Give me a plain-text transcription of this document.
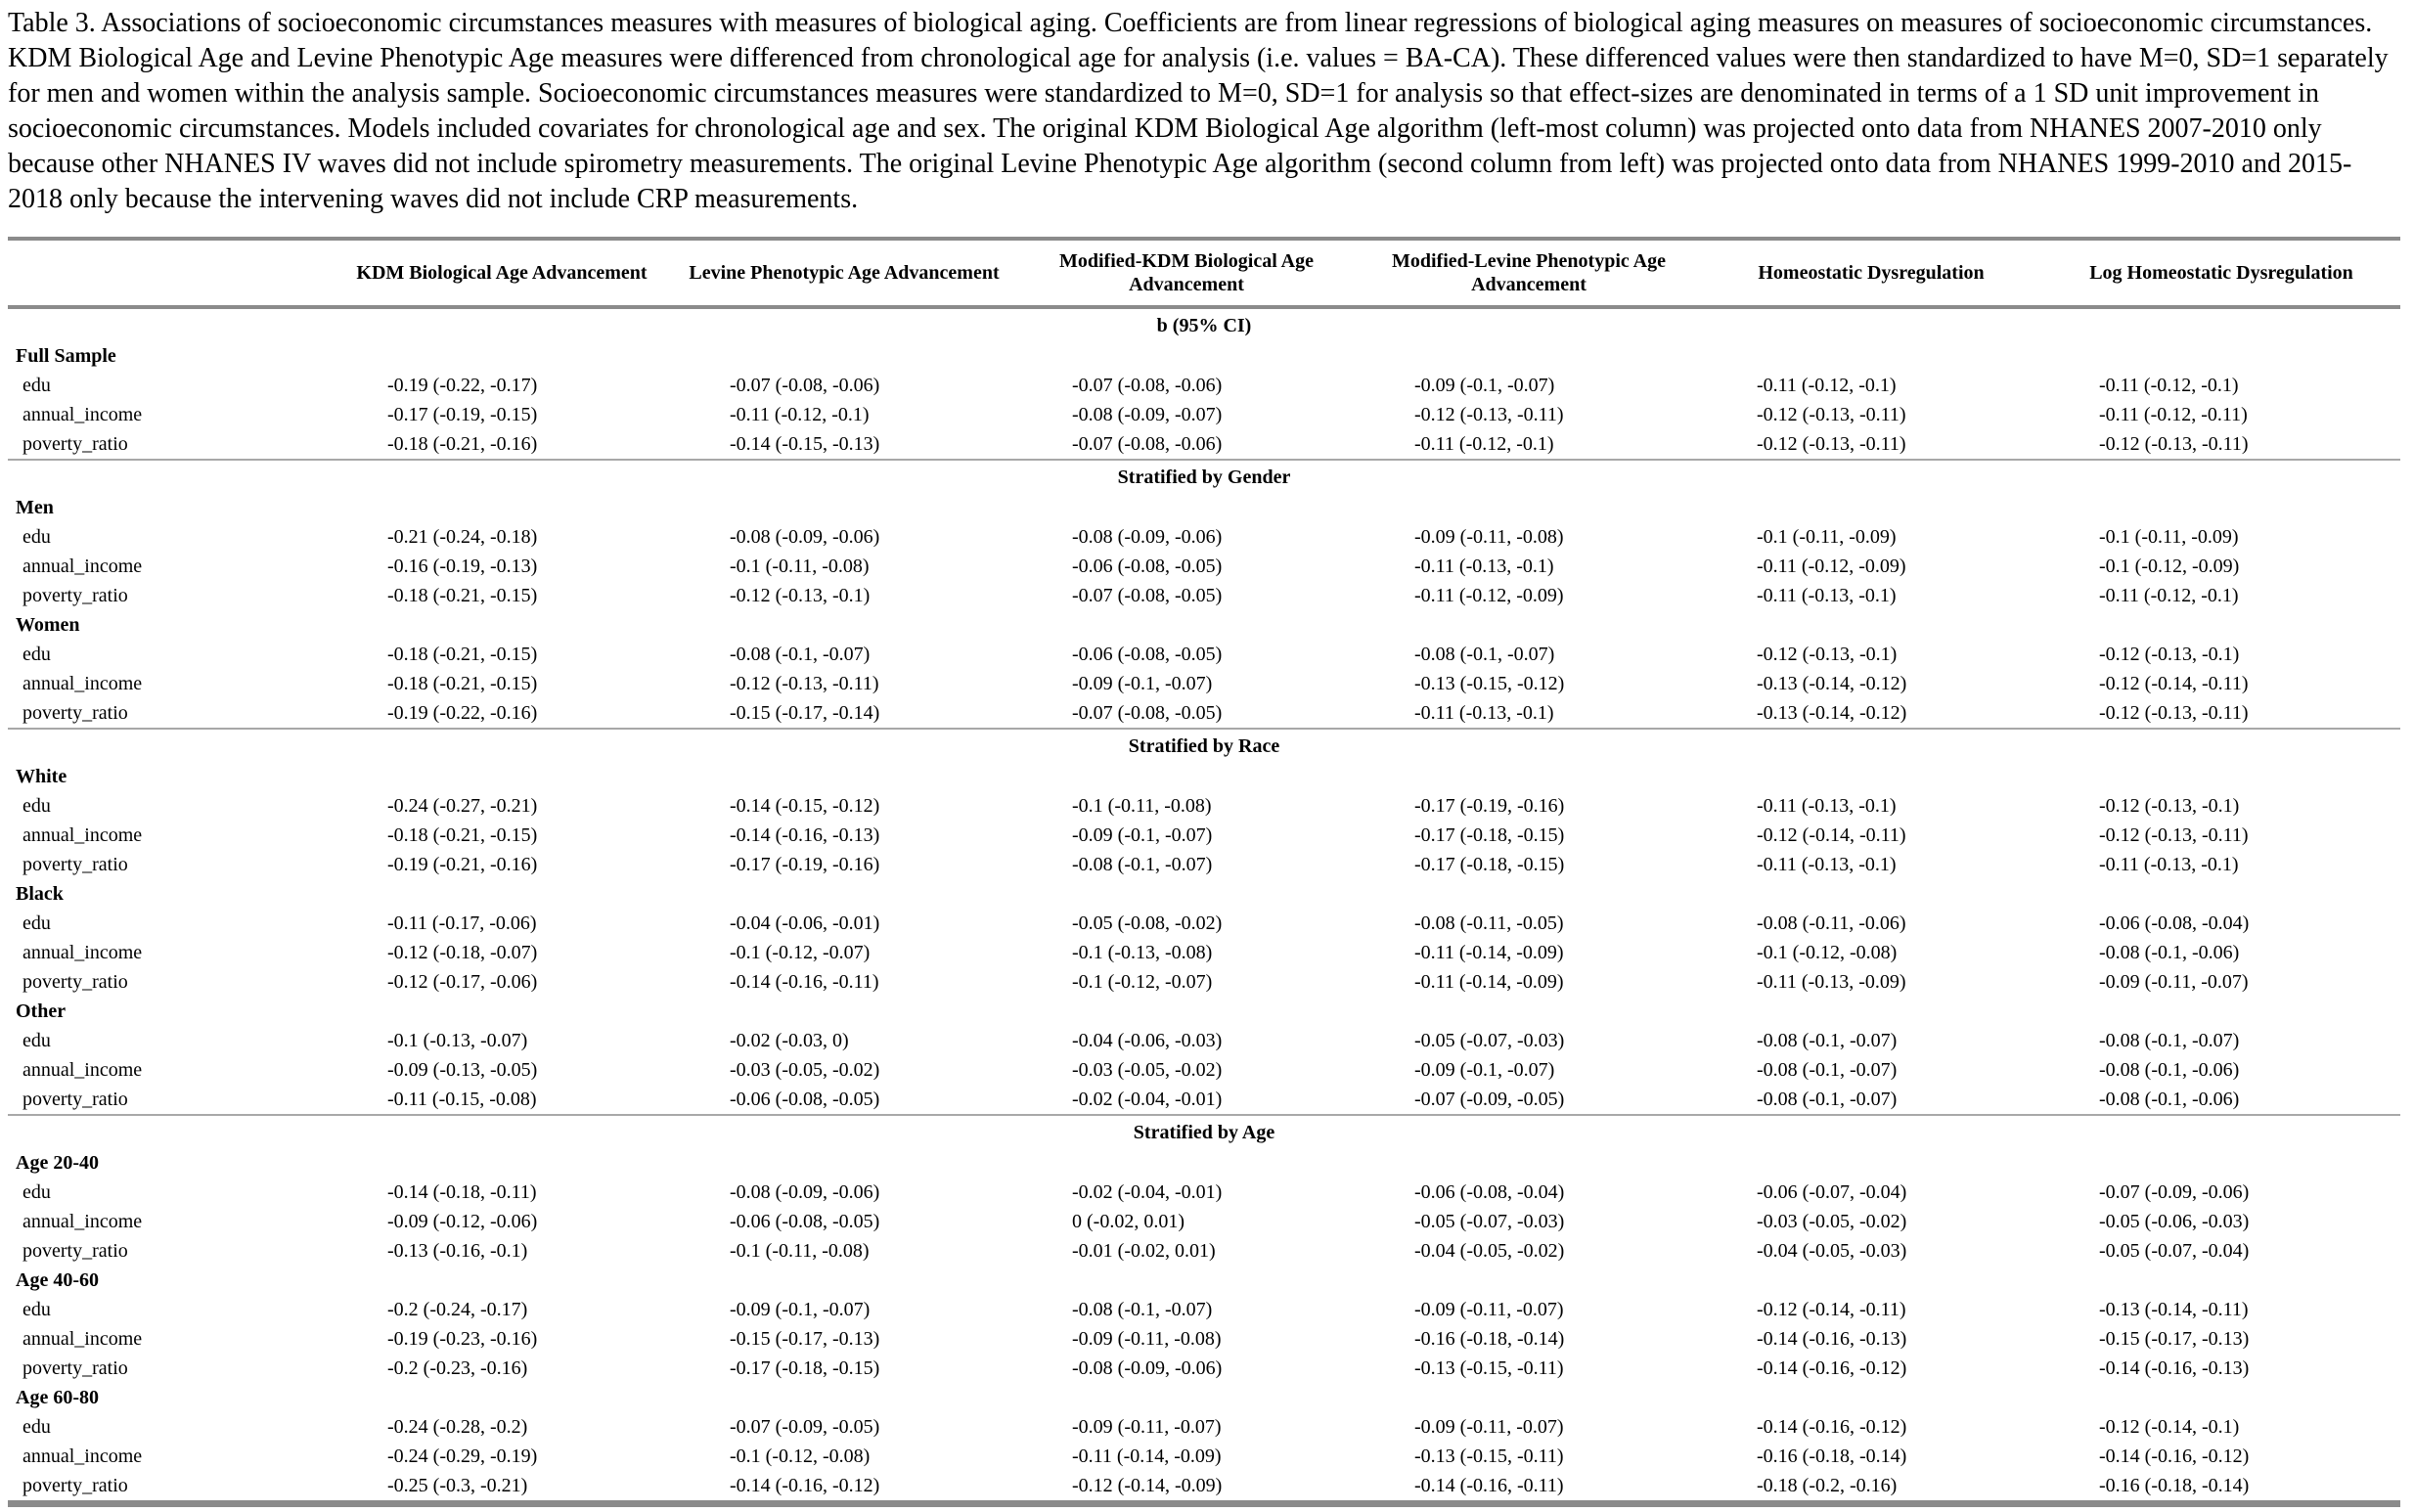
Table 3. Associations of socioeconomic circumstances measures with measures of biological aging. Coefficients are from linear regressions of biological aging measures on measures of socioeconomic circumstances. KDM Biological Age and Levine Phenotypic Age measures were differenced from chronological age for analysis (i.e. values = BA-CA). These differenced values were then standardized to have M=0, SD=1 separately for men and women within the analysis sample. Socioeconomic circumstances measures were standardized to M=0, SD=1 for analysis so that effect-sizes are denominated in terms of a 1 SD unit improvement in socioeconomic circumstances. Models included covariates for chronological age and sex. The original KDM Biological Age algorithm (left-most column) was projected onto data from NHANES 2007-2010 only because other NHANES IV waves did not include spirometry measurements. The original Levine Phenotypic Age algorithm (second column from left) was projected onto data from NHANES 1999-2010 and 2015-2018 only because the intervening waves did not include CRP measurements.

	KDM Biological Age Advancement	Levine Phenotypic Age Advancement	Modified-KDM Biological Age Advancement	Modified-Levine Phenotypic Age Advancement	Homeostatic Dysregulation	Log Homeostatic Dysregulation
b (95% CI)						
Full Sample						
edu	-0.19 (-0.22, -0.17)	-0.07 (-0.08, -0.06)	-0.07 (-0.08, -0.06)	-0.09 (-0.1, -0.07)	-0.11 (-0.12, -0.1)	-0.11 (-0.12, -0.1)
annual_income	-0.17 (-0.19, -0.15)	-0.11 (-0.12, -0.1)	-0.08 (-0.09, -0.07)	-0.12 (-0.13, -0.11)	-0.12 (-0.13, -0.11)	-0.11 (-0.12, -0.11)
poverty_ratio	-0.18 (-0.21, -0.16)	-0.14 (-0.15, -0.13)	-0.07 (-0.08, -0.06)	-0.11 (-0.12, -0.1)	-0.12 (-0.13, -0.11)	-0.12 (-0.13, -0.11)
Stratified by Gender						
Men						
edu	-0.21 (-0.24, -0.18)	-0.08 (-0.09, -0.06)	-0.08 (-0.09, -0.06)	-0.09 (-0.11, -0.08)	-0.1 (-0.11, -0.09)	-0.1 (-0.11, -0.09)
annual_income	-0.16 (-0.19, -0.13)	-0.1 (-0.11, -0.08)	-0.06 (-0.08, -0.05)	-0.11 (-0.13, -0.1)	-0.11 (-0.12, -0.09)	-0.1 (-0.12, -0.09)
poverty_ratio	-0.18 (-0.21, -0.15)	-0.12 (-0.13, -0.1)	-0.07 (-0.08, -0.05)	-0.11 (-0.12, -0.09)	-0.11 (-0.13, -0.1)	-0.11 (-0.12, -0.1)
Women						
edu	-0.18 (-0.21, -0.15)	-0.08 (-0.1, -0.07)	-0.06 (-0.08, -0.05)	-0.08 (-0.1, -0.07)	-0.12 (-0.13, -0.1)	-0.12 (-0.13, -0.1)
annual_income	-0.18 (-0.21, -0.15)	-0.12 (-0.13, -0.11)	-0.09 (-0.1, -0.07)	-0.13 (-0.15, -0.12)	-0.13 (-0.14, -0.12)	-0.12 (-0.14, -0.11)
poverty_ratio	-0.19 (-0.22, -0.16)	-0.15 (-0.17, -0.14)	-0.07 (-0.08, -0.05)	-0.11 (-0.13, -0.1)	-0.13 (-0.14, -0.12)	-0.12 (-0.13, -0.11)
Stratified by Race						
White						
edu	-0.24 (-0.27, -0.21)	-0.14 (-0.15, -0.12)	-0.1 (-0.11, -0.08)	-0.17 (-0.19, -0.16)	-0.11 (-0.13, -0.1)	-0.12 (-0.13, -0.1)
annual_income	-0.18 (-0.21, -0.15)	-0.14 (-0.16, -0.13)	-0.09 (-0.1, -0.07)	-0.17 (-0.18, -0.15)	-0.12 (-0.14, -0.11)	-0.12 (-0.13, -0.11)
poverty_ratio	-0.19 (-0.21, -0.16)	-0.17 (-0.19, -0.16)	-0.08 (-0.1, -0.07)	-0.17 (-0.18, -0.15)	-0.11 (-0.13, -0.1)	-0.11 (-0.13, -0.1)
Black						
edu	-0.11 (-0.17, -0.06)	-0.04 (-0.06, -0.01)	-0.05 (-0.08, -0.02)	-0.08 (-0.11, -0.05)	-0.08 (-0.11, -0.06)	-0.06 (-0.08, -0.04)
annual_income	-0.12 (-0.18, -0.07)	-0.1 (-0.12, -0.07)	-0.1 (-0.13, -0.08)	-0.11 (-0.14, -0.09)	-0.1 (-0.12, -0.08)	-0.08 (-0.1, -0.06)
poverty_ratio	-0.12 (-0.17, -0.06)	-0.14 (-0.16, -0.11)	-0.1 (-0.12, -0.07)	-0.11 (-0.14, -0.09)	-0.11 (-0.13, -0.09)	-0.09 (-0.11, -0.07)
Other						
edu	-0.1 (-0.13, -0.07)	-0.02 (-0.03, 0)	-0.04 (-0.06, -0.03)	-0.05 (-0.07, -0.03)	-0.08 (-0.1, -0.07)	-0.08 (-0.1, -0.07)
annual_income	-0.09 (-0.13, -0.05)	-0.03 (-0.05, -0.02)	-0.03 (-0.05, -0.02)	-0.09 (-0.1, -0.07)	-0.08 (-0.1, -0.07)	-0.08 (-0.1, -0.06)
poverty_ratio	-0.11 (-0.15, -0.08)	-0.06 (-0.08, -0.05)	-0.02 (-0.04, -0.01)	-0.07 (-0.09, -0.05)	-0.08 (-0.1, -0.07)	-0.08 (-0.1, -0.06)
Stratified by Age						
Age 20-40						
edu	-0.14 (-0.18, -0.11)	-0.08 (-0.09, -0.06)	-0.02 (-0.04, -0.01)	-0.06 (-0.08, -0.04)	-0.06 (-0.07, -0.04)	-0.07 (-0.09, -0.06)
annual_income	-0.09 (-0.12, -0.06)	-0.06 (-0.08, -0.05)	0 (-0.02, 0.01)	-0.05 (-0.07, -0.03)	-0.03 (-0.05, -0.02)	-0.05 (-0.06, -0.03)
poverty_ratio	-0.13 (-0.16, -0.1)	-0.1 (-0.11, -0.08)	-0.01 (-0.02, 0.01)	-0.04 (-0.05, -0.02)	-0.04 (-0.05, -0.03)	-0.05 (-0.07, -0.04)
Age 40-60						
edu	-0.2 (-0.24, -0.17)	-0.09 (-0.1, -0.07)	-0.08 (-0.1, -0.07)	-0.09 (-0.11, -0.07)	-0.12 (-0.14, -0.11)	-0.13 (-0.14, -0.11)
annual_income	-0.19 (-0.23, -0.16)	-0.15 (-0.17, -0.13)	-0.09 (-0.11, -0.08)	-0.16 (-0.18, -0.14)	-0.14 (-0.16, -0.13)	-0.15 (-0.17, -0.13)
poverty_ratio	-0.2 (-0.23, -0.16)	-0.17 (-0.18, -0.15)	-0.08 (-0.09, -0.06)	-0.13 (-0.15, -0.11)	-0.14 (-0.16, -0.12)	-0.14 (-0.16, -0.13)
Age 60-80						
edu	-0.24 (-0.28, -0.2)	-0.07 (-0.09, -0.05)	-0.09 (-0.11, -0.07)	-0.09 (-0.11, -0.07)	-0.14 (-0.16, -0.12)	-0.12 (-0.14, -0.1)
annual_income	-0.24 (-0.29, -0.19)	-0.1 (-0.12, -0.08)	-0.11 (-0.14, -0.09)	-0.13 (-0.15, -0.11)	-0.16 (-0.18, -0.14)	-0.14 (-0.16, -0.12)
poverty_ratio	-0.25 (-0.3, -0.21)	-0.14 (-0.16, -0.12)	-0.12 (-0.14, -0.09)	-0.14 (-0.16, -0.11)	-0.18 (-0.2, -0.16)	-0.16 (-0.18, -0.14)
